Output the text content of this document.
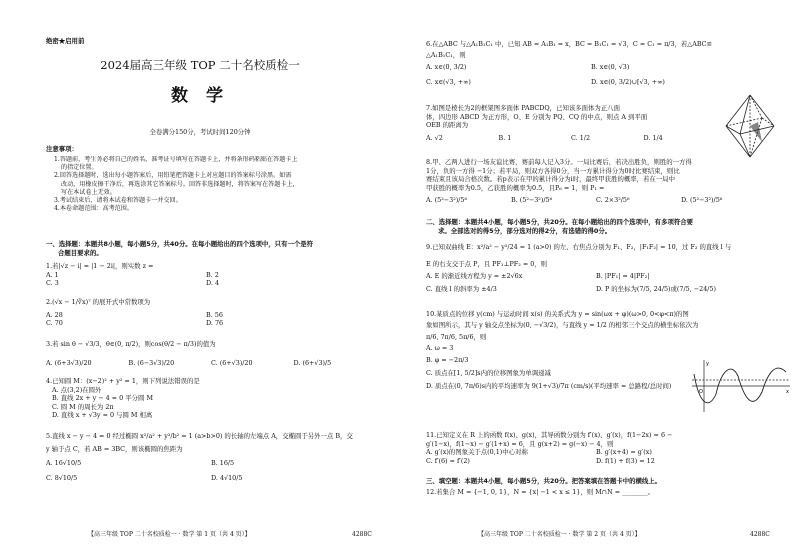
绝密★启用前
2024届高三年级 TOP 二十名校质检一
数 学
全卷满分150分，考试时间120分钟
注意事项：
1.答题前，考生务必将自己的姓名、准考证号填写在答题卡上，并将条形码粘贴在答题卡上
的指定位置。
2.回答选择题时，选出每小题答案后，用铅笔把答题卡上对应题目的答案标号涂黑。如需
改动，用橡皮擦干净后，再选涂其它答案标号。回答非选择题时，将答案写在答题卡上，
写在本试卷上无效。
3.考试结束后，请将本试卷和答题卡一并交回。
4.本卷命题范围：高考范围。
一、选择题：本题共8小题，每小题5分，共40分。在每小题给出的四个选项中，只有一个是符
合题目要求的。
1.若|√z − i| = |1 − 2i|，则实数 z =
A. 1	B. 2
C. 3	D. 4
2.(√x − 1/∛x)⁷ 的展开式中常数项为
A. 28	B. 56
C. 70	D. 76
3.若 sin θ − √3/3，θ∈(0, π/2)，则cos(θ/2 − π/3)的值为
A. (6+3√3)/20	B. (6−3√3)/20	C. (6+√3)/20	D. (6+√3)/5
4.已知圆 M：(x−2)² + y² = 1，则下列说法错误的是
A. 点(3,2)在圆外
B. 直线 2x + y − 4 = 0 平分圆 M
C. 圆 M 的周长为 2π
D. 直线 x + √3y = 0 与圆 M 相离
5.直线 x − y − 4 = 0 经过椭圆 x²/a² + y²/b² = 1 (a>b>0) 的长轴的左端点 A，交椭圆于另外一点 B，交
y 轴于点 C，若 AB = 3BC，则该椭圆的焦距为
A. 16√10/5	B. 16/5
C. 8√10/5	D. 4√10/5
【高三年级 TOP 二十名校质检一 · 数学 第 1 页（共 4 页）】	4288C
6.在△ABC 与△A₁B₁C₁ 中，已知 AB = A₁B₁ = x，BC = B₁C₁ = √3，C = C₁ = π/3，若△ABC≌
△A₁B₁C₁，则
A. x∈(0, 3/2)	B. x∈(0, √3)
C. x∈(√3, +∞)	D. x∈(0, 3/2)∪[√3, +∞)
7.如图是棱长为2的框架图多面体 PABCDQ，已知该多面体为正八面
体，四边形 ABCD 为正方形，O、E 分别为 PQ、CQ 的中点，则点 A 到平面
OEB 的距离为
A. √2	B. 1	C. 1/2	D. 1/4
8.甲、乙两人进行一场友谊比赛，赛前每人记入3分。一局比赛后，若决出胜负，则胜的一方得
1分，负的一方得 −1分；若平局，则双方各得0分，当一方累计得分为0时比赛结束，则比
赛结束且该局合格次数。若p表示在甲的累计得分为i时，最终甲获胜的概率，若在一局中
甲获胜的概率为0.5，乙获胜的概率为0.5，且P₆ = 1，则 P₁ =
A. (5²−3²)/5⁶	B. (5²−3²)/5⁶	C. 2×3²/5⁶	D. (5²−3²)/5⁶
二、选择题：本题共4小题，每小题5分，共20分。在每小题给出的四个选项中，有多项符合要
求。全部选对的得5分，部分选对的得2分，有选错的得0分。
9.已知双曲线 E：x²/a² − y²/24 = 1 (a>0) 的左、右焦点分别为 F₁、F₂，|F₁F₂| = 10，过 F₂ 的直线 l 与
E 的右支交于点 P，且 PF₁⊥PF₂ = 0，则
A. E 的渐近线方程为 y = ±2√6x	B. |PF₁| = 4|PF₂|
C. 直线 l 的斜率为 ±4/3	D. P 的坐标为(7/5, 24/5)或(7/5, −24/5)
10.某质点的位移 y(cm) 与运动时间 x(s) 的关系式为 y = sin(ωx + φ)(ω>0, 0<φ<π)的图
象如图所示，其与 y 轴交点坐标为(0, −√3/2)，与直线 y = 1/2 的相邻三个交点的横坐标依次为
π/6, 7π/6, 5π/6，则
A. ω = 3
B. φ = −2π/3
C. 质点在[1, 5/2]s内的位移图象为单调递减
D. 质点在(0, 7π/6)s内的平均速率为 9(1+√3)/7π (cm/s)(平均速率 = 总路程/总时间)
y
x
O
11.已知定义在 R 上的函数 f(x)、g(x)，其导函数分别为 f′(x)、g′(x)，f(1−2x) = 6 −
g′(1−x)，f(1−x) − g′(1+x) = 6，且 g(x+2) = g(−x) − 4，则
A. g′(x)的图象关于点(0,1)中心对称	B. g′(x+4) = g′(x)
C. f′(6) = f′(2)	D. f(1) + f(3) = 12
三、填空题：本题共4小题，每小题5分，共20分。把答案填在答题卡中的横线上。
12.若集合 M = {−1, 0, 1}，N = {x| −1 < x ≤ 1}，则 M∩N = ________。
【高三年级 TOP 二十名校质检一 · 数学 第 2 页（共 4 页）】	4288C
